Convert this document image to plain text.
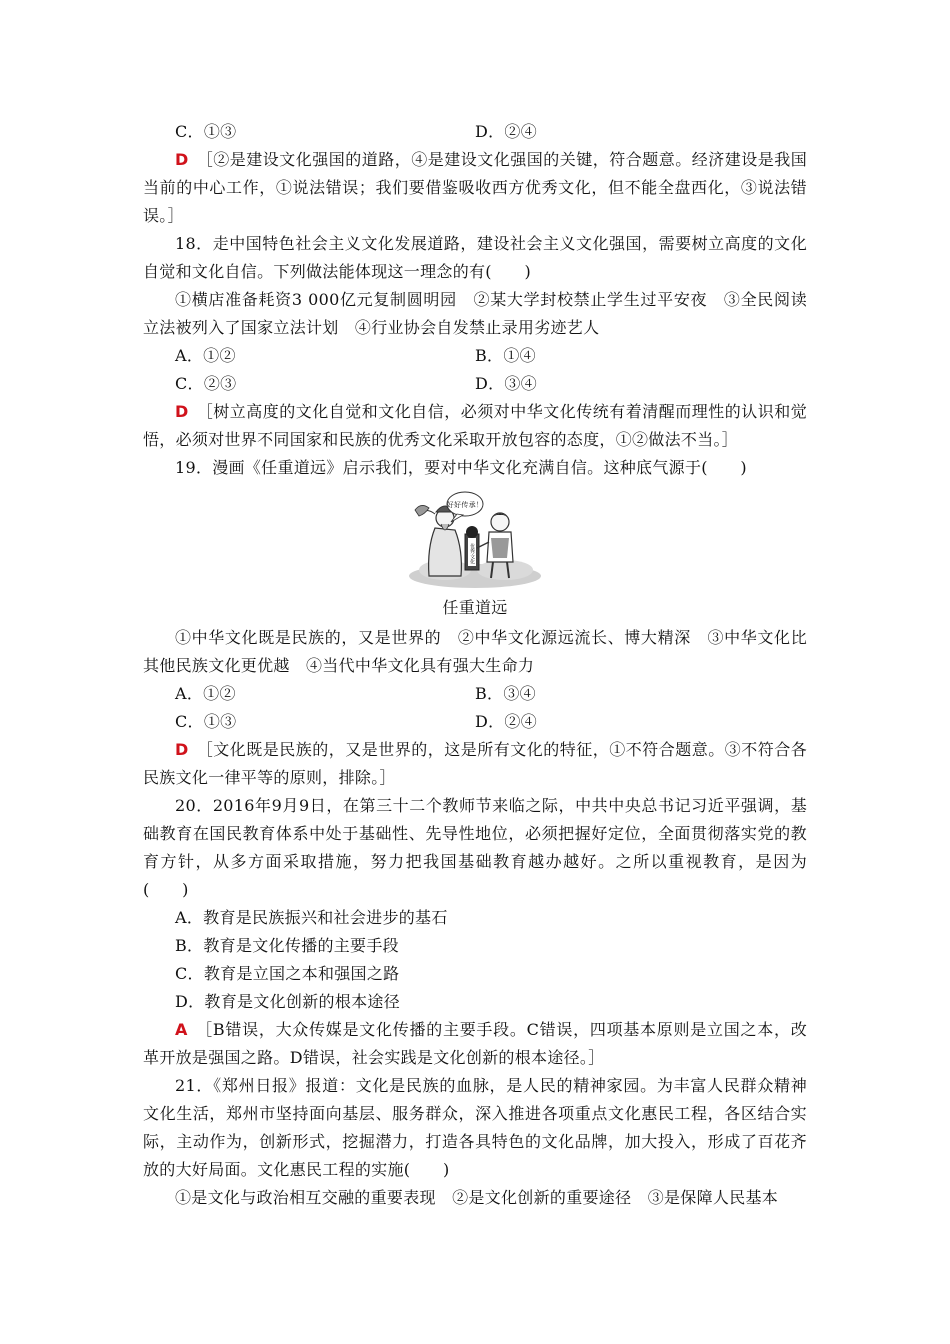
C．①③	D．②④

D ［②是建设文化强国的道路，④是建设文化强国的关键，符合题意。经济建设是我国当前的中心工作，①说法错误；我们要借鉴吸收西方优秀文化，但不能全盘西化，③说法错误。］

18．走中国特色社会主义文化发展道路，建设社会主义文化强国，需要树立高度的文化自觉和文化自信。下列做法能体现这一理念的有(　　)

①横店准备耗资3 000亿元复制圆明园　②某大学封校禁止学生过平安夜　③全民阅读立法被列入了国家立法计划　④行业协会自发禁止录用劣迹艺人

A．①②	B．①④
C．②③	D．③④

D ［树立高度的文化自觉和文化自信，必须对中华文化传统有着清醒而理性的认识和觉悟，必须对世界不同国家和民族的优秀文化采取开放包容的态度，①②做法不当。］

19．漫画《任重道远》启示我们，要对中华文化充满自信。这种底气源于(　　)

好好传承！
优秀文化
任重道远

①中华文化既是民族的，又是世界的　②中华文化源远流长、博大精深　③中华文化比其他民族文化更优越　④当代中华文化具有强大生命力

A．①②	B．③④
C．①③	D．②④

D ［文化既是民族的，又是世界的，这是所有文化的特征，①不符合题意。③不符合各民族文化一律平等的原则，排除。］

20．2016年9月9日，在第三十二个教师节来临之际，中共中央总书记习近平强调，基础教育在国民教育体系中处于基础性、先导性地位，必须把握好定位，全面贯彻落实党的教育方针，从多方面采取措施，努力把我国基础教育越办越好。之所以重视教育，是因为(　　)

A．教育是民族振兴和社会进步的基石

B．教育是文化传播的主要手段

C．教育是立国之本和强国之路

D．教育是文化创新的根本途径

A ［B错误，大众传媒是文化传播的主要手段。C错误，四项基本原则是立国之本，改革开放是强国之路。D错误，社会实践是文化创新的根本途径。］

21．《郑州日报》报道：文化是民族的血脉，是人民的精神家园。为丰富人民群众精神文化生活，郑州市坚持面向基层、服务群众，深入推进各项重点文化惠民工程，各区结合实际，主动作为，创新形式，挖掘潜力，打造各具特色的文化品牌，加大投入，形成了百花齐放的大好局面。文化惠民工程的实施(　　)

①是文化与政治相互交融的重要表现　②是文化创新的重要途径　③是保障人民基本
